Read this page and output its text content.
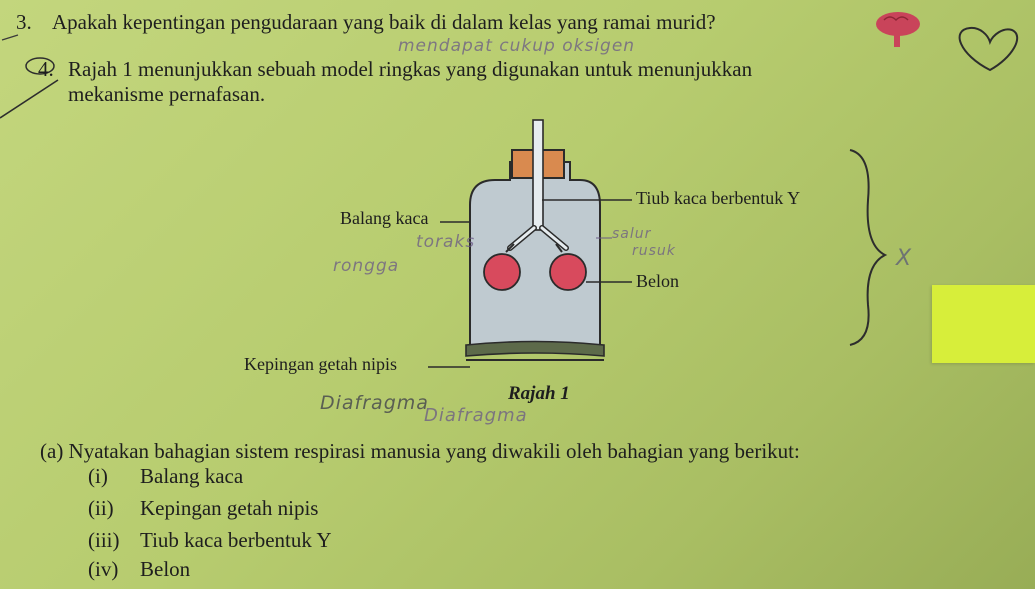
3. Apakah kepentingan pengudaraan yang baik di dalam kelas yang ramai murid?
4. Rajah 1 menunjukkan sebuah model ringkas yang digunakan untuk menunjukkan
mekanisme pernafasan.
mendapat cukup oksigen
rongga
toraks	salur
rusuk
Diafragma
Diafragma
X
Balang kaca
Tiub kaca berbentuk Y
Belon
Kepingan getah nipis
Rajah 1
(a) Nyatakan bahagian sistem respirasi manusia yang diwakili oleh bahagian yang berikut:
(i) Balang kaca
(ii) Kepingan getah nipis
(iii) Tiub kaca berbentuk Y
(iv) Belon
